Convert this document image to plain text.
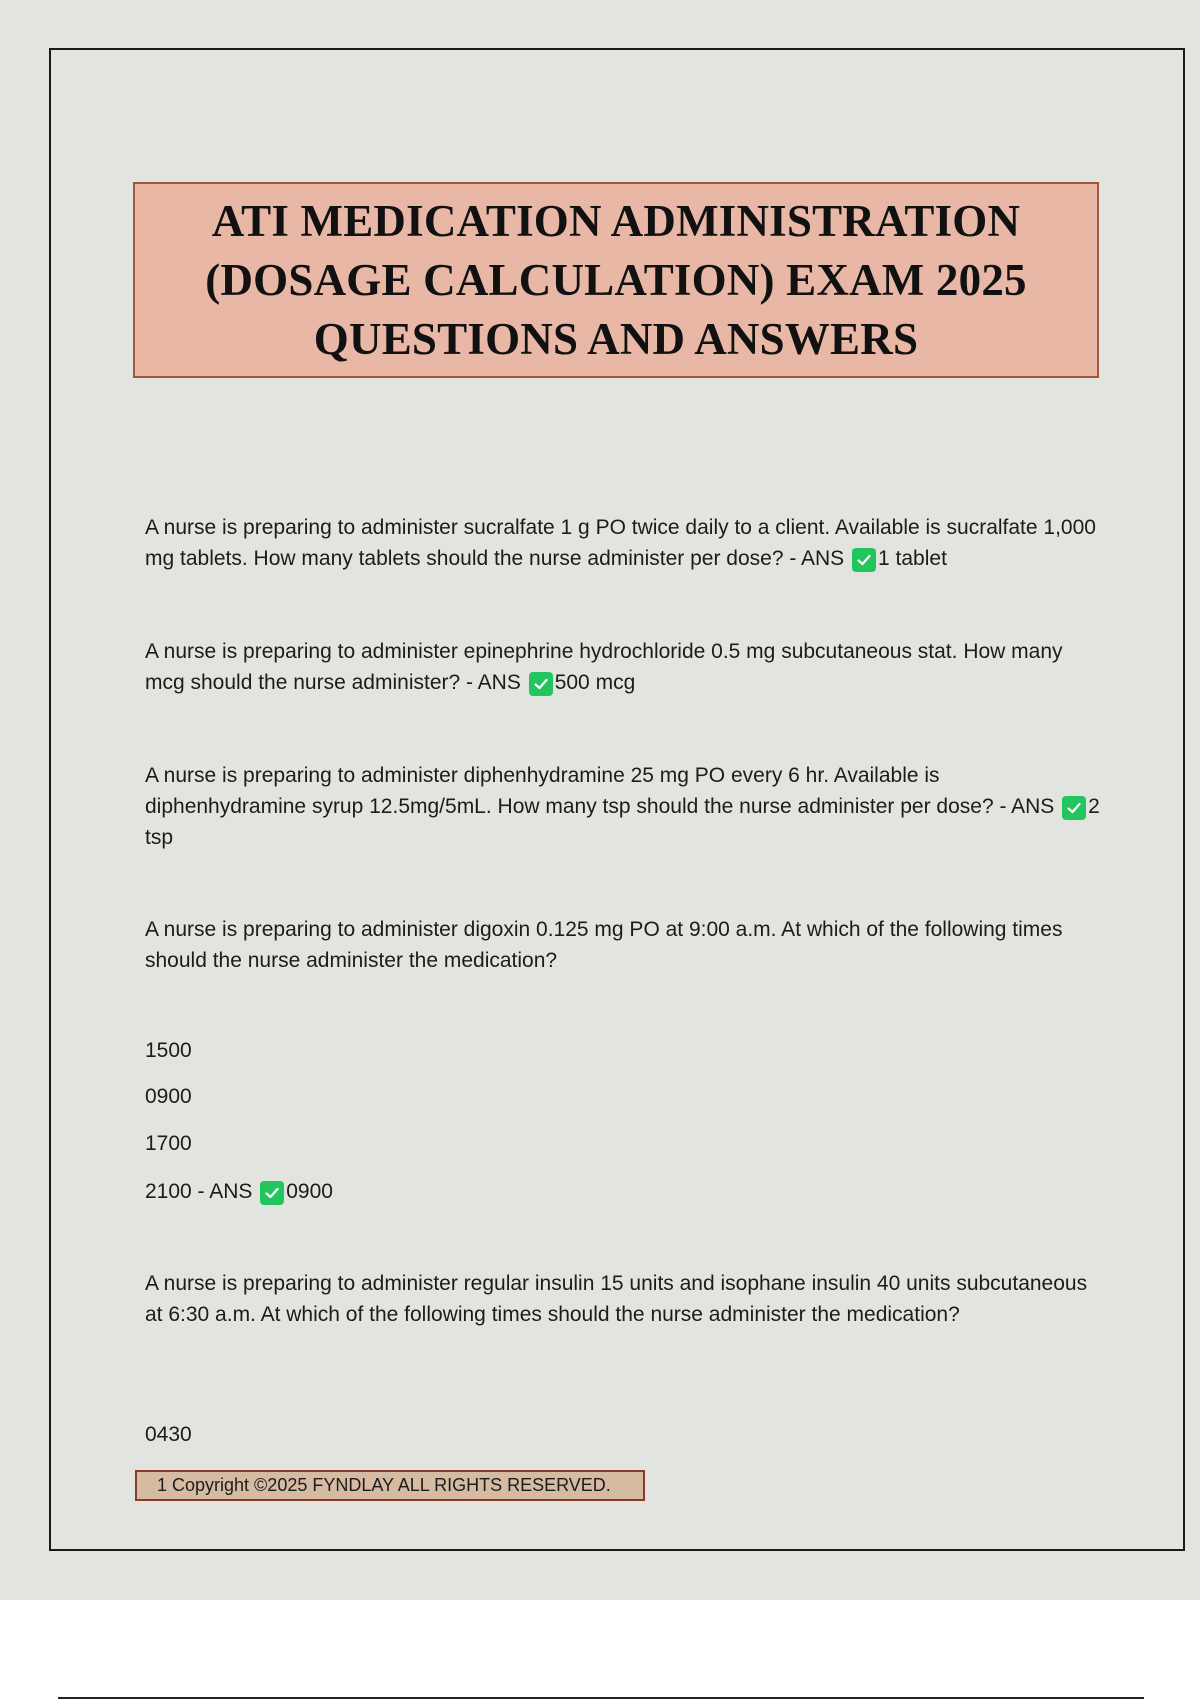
ATI MEDICATION ADMINISTRATION
(DOSAGE CALCULATION) EXAM 2025
QUESTIONS AND ANSWERS
A nurse is preparing to administer sucralfate 1 g PO twice daily to a client. Available is sucralfate 1,000 mg tablets. How many tablets should the nurse administer per dose? - ANS 1 tablet
A nurse is preparing to administer epinephrine hydrochloride 0.5 mg subcutaneous stat. How many mcg should the nurse administer? - ANS 500 mcg
A nurse is preparing to administer diphenhydramine 25 mg PO every 6 hr. Available is diphenhydramine syrup 12.5mg/5mL. How many tsp should the nurse administer per dose? - ANS 2 tsp
A nurse is preparing to administer digoxin 0.125 mg PO at 9:00 a.m. At which of the following times should the nurse administer the medication?
1500
0900
1700
2100 - ANS 0900
A nurse is preparing to administer regular insulin 15 units and isophane insulin 40 units subcutaneous at 6:30 a.m. At which of the following times should the nurse administer the medication?
0430
1 Copyright ©2025 FYNDLAY ALL RIGHTS RESERVED.
